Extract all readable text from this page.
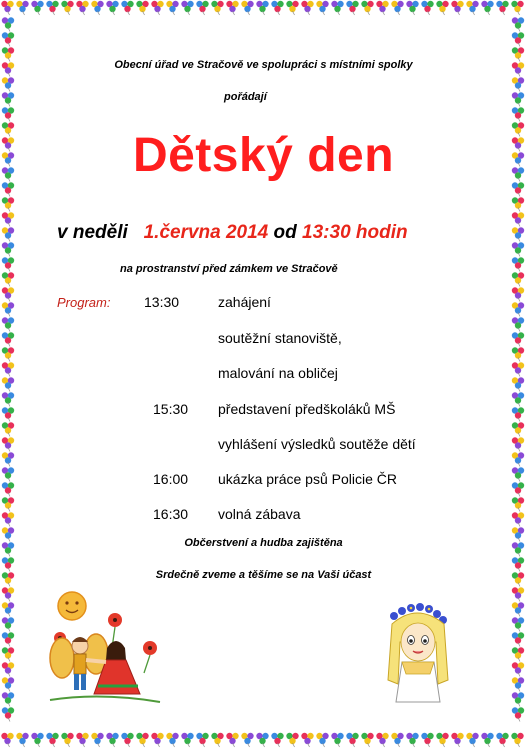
Obecní úřad ve Stračově ve spolupráci s místními spolky
pořádají
Dětský den
v neděli 1.června 2014 od 13:30 hodin
na prostranství před zámkem ve Stračově
Program: 13:30	zahájení
soutěžní stanoviště,
malování na obličej
15:30 představení předškoláků MŠ
vyhlášení výsledků soutěže dětí
16:00 ukázka práce psů Policie ČR
16:30 volná zábava
Občerstvení a hudba zajištěna
Srdečně zveme a těšíme se na Vaši účast
